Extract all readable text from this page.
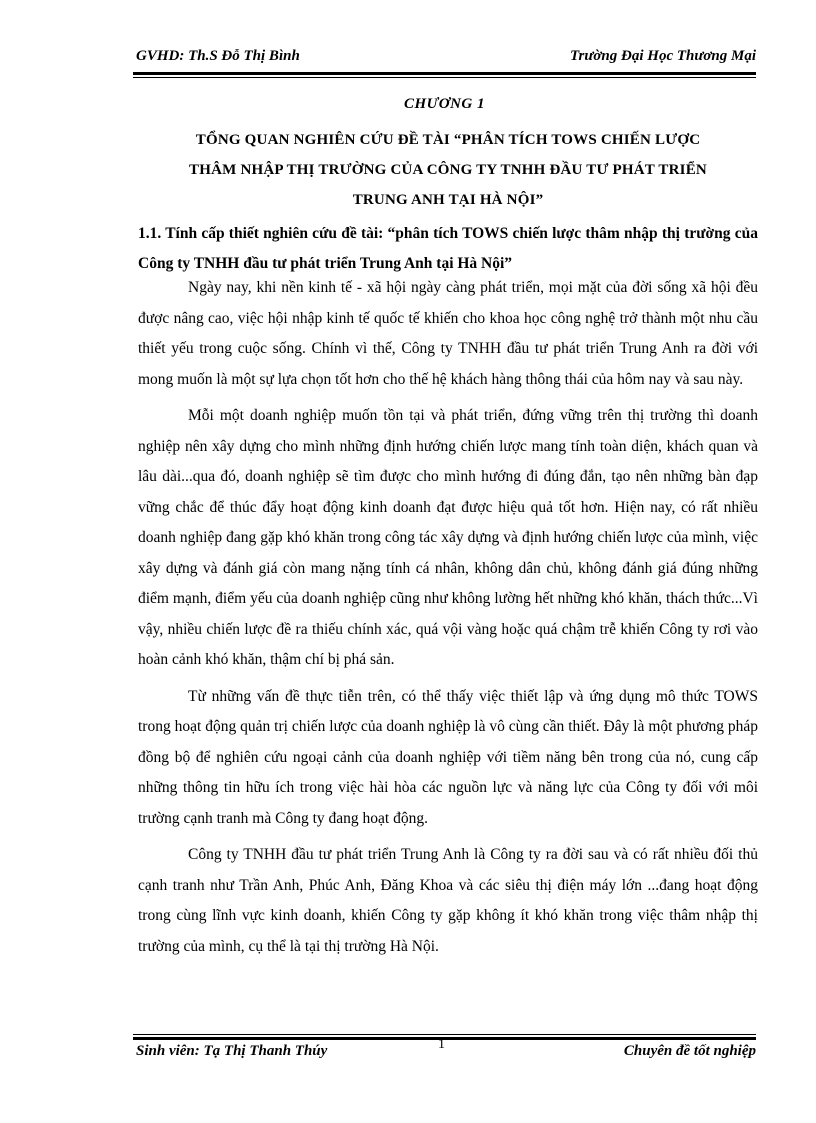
GVHD: Th.S Đỗ Thị Bình	Trường Đại Học Thương Mại
CHƯƠNG 1
TỔNG QUAN NGHIÊN CỨU ĐỀ TÀI “PHÂN TÍCH TOWS CHIẾN LƯỢC
THÂM NHẬP THỊ TRƯỜNG CỦA CÔNG TY TNHH ĐẦU TƯ PHÁT TRIỂN
TRUNG ANH TẠI HÀ NỘI”
1.1. Tính cấp thiết nghiên cứu đề tài: “phân tích TOWS chiến lược thâm nhập thị trường của Công ty TNHH đầu tư phát triển Trung Anh tại Hà Nội”

Ngày nay, khi nền kinh tế - xã hội ngày càng phát triển, mọi mặt của đời sống xã hội đều được nâng cao, việc hội nhập kinh tế quốc tế khiến cho khoa học công nghệ trở thành một nhu cầu thiết yếu trong cuộc sống. Chính vì thế, Công ty TNHH đầu tư phát triển Trung Anh ra đời với mong muốn là một sự lựa chọn tốt hơn cho thế hệ khách hàng thông thái của hôm nay và sau này.

Mỗi một doanh nghiệp muốn tồn tại và phát triển, đứng vững trên thị trường thì doanh nghiệp nên xây dựng cho mình những định hướng chiến lược mang tính toàn diện, khách quan và lâu dài...qua đó, doanh nghiệp sẽ tìm được cho mình hướng đi đúng đắn, tạo nên những bàn đạp vững chắc để thúc đẩy hoạt động kinh doanh đạt được hiệu quả tốt hơn. Hiện nay, có rất nhiều doanh nghiệp đang gặp khó khăn trong công tác xây dựng và định hướng chiến lược của mình, việc xây dựng và đánh giá còn mang nặng tính cá nhân, không dân chủ, không đánh giá đúng những điểm mạnh, điểm yếu của doanh nghiệp cũng như không lường hết những khó khăn, thách thức...Vì vậy, nhiều chiến lược đề ra thiếu chính xác, quá vội vàng hoặc quá chậm trễ khiến Công ty rơi vào hoàn cảnh khó khăn, thậm chí bị phá sản.

Từ những vấn đề thực tiễn trên, có thể thấy việc thiết lập và ứng dụng mô thức TOWS trong hoạt động quản trị chiến lược của doanh nghiệp là vô cùng cần thiết. Đây là một phương pháp đồng bộ để nghiên cứu ngoại cảnh của doanh nghiệp với tiềm năng bên trong của nó, cung cấp những thông tin hữu ích trong việc hài hòa các nguồn lực và năng lực của Công ty đối với môi trường cạnh tranh mà Công ty đang hoạt động.

Công ty TNHH đầu tư phát triển Trung Anh là Công ty ra đời sau và có rất nhiều đối thủ cạnh tranh như Trần Anh, Phúc Anh, Đăng Khoa và các siêu thị điện máy lớn ...đang hoạt động trong cùng lĩnh vực kinh doanh, khiến Công ty gặp không ít khó khăn trong việc thâm nhập thị trường của mình, cụ thể là tại thị trường Hà Nội.

Sinh viên: Tạ Thị Thanh Thúy	1	Chuyên đề tốt nghiệp
